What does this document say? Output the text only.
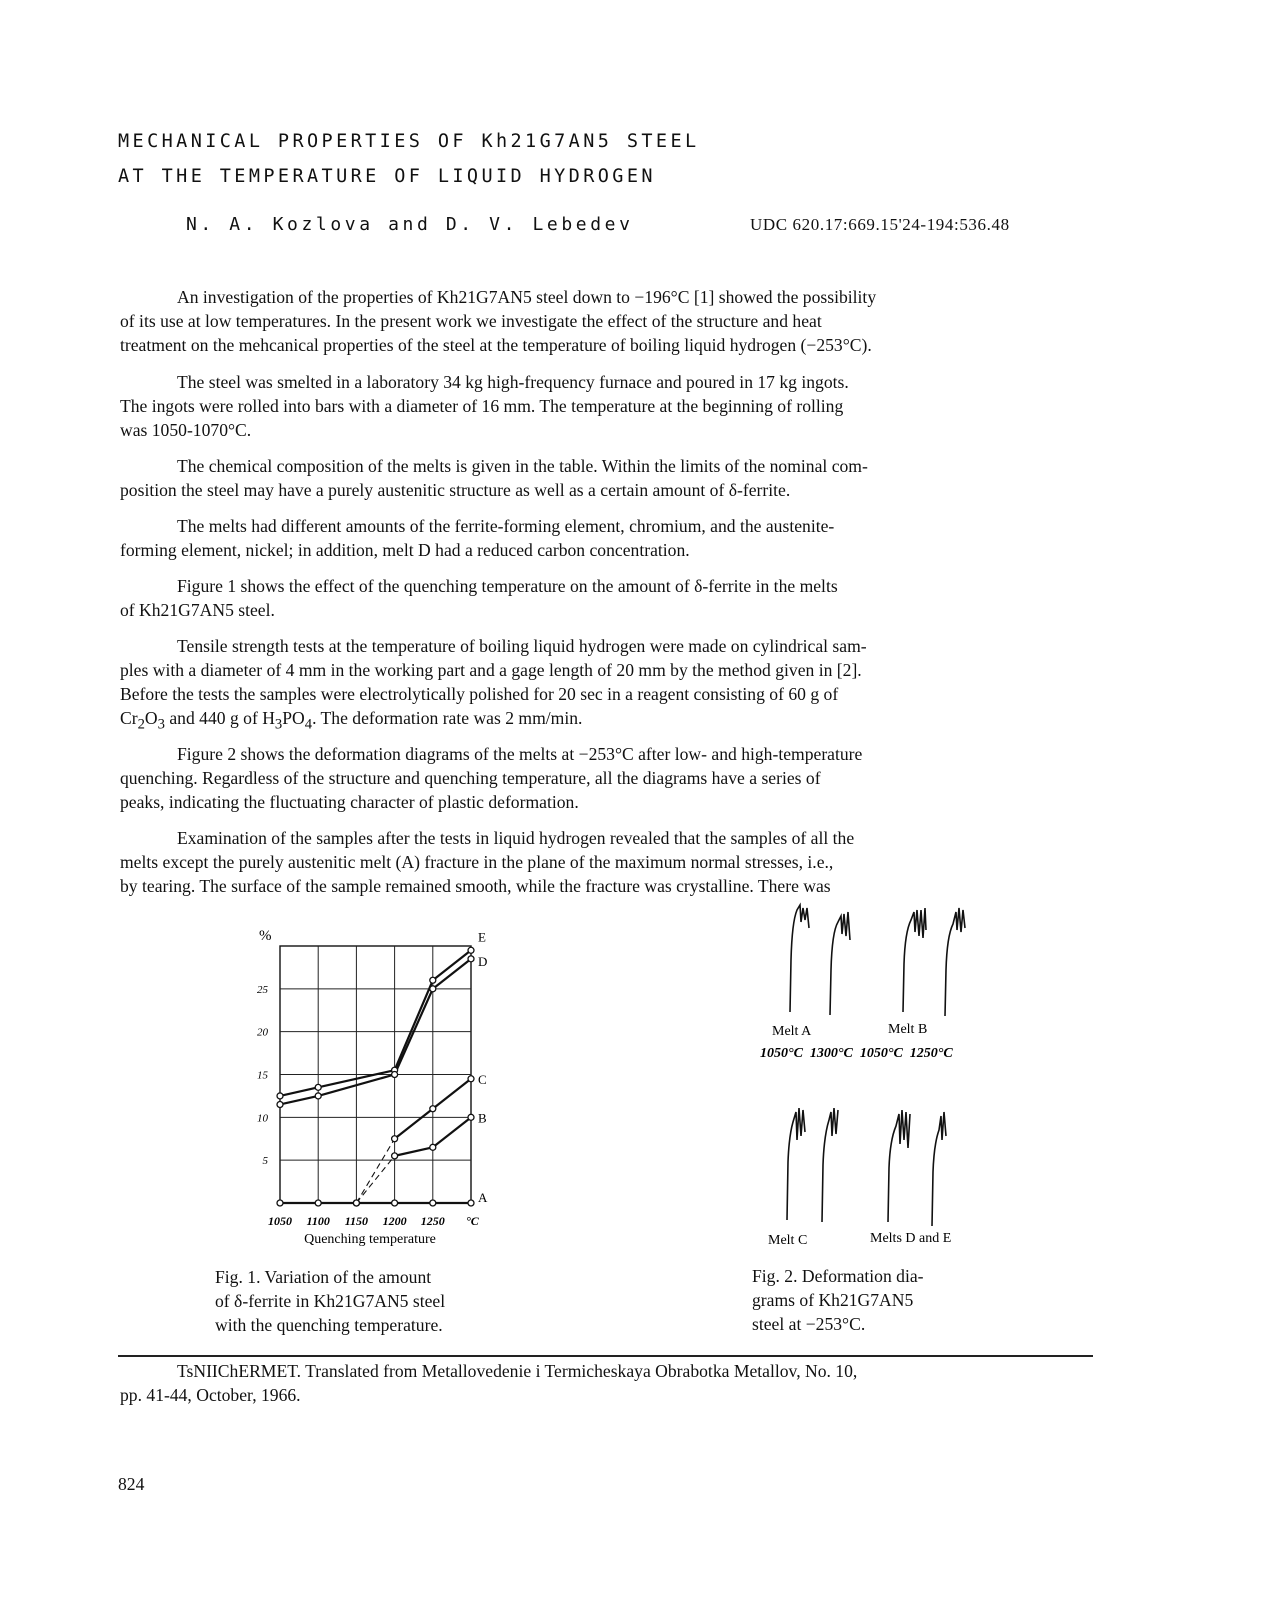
MECHANICAL PROPERTIES OF Kh21G7AN5 STEEL
AT THE TEMPERATURE OF LIQUID HYDROGEN
N. A. Kozlova and D. V. Lebedev	UDC 620.17:669.15'24-194:536.48
An investigation of the properties of Kh21G7AN5 steel down to −196°C [1] showed the possibility
of its use at low temperatures. In the present work we investigate the effect of the structure and heat
treatment on the mehcanical properties of the steel at the temperature of boiling liquid hydrogen (−253°C).
The steel was smelted in a laboratory 34 kg high-frequency furnace and poured in 17 kg ingots.
The ingots were rolled into bars with a diameter of 16 mm. The temperature at the beginning of rolling
was 1050-1070°C.
The chemical composition of the melts is given in the table. Within the limits of the nominal com-
position the steel may have a purely austenitic structure as well as a certain amount of δ-ferrite.
The melts had different amounts of the ferrite-forming element, chromium, and the austenite-
forming element, nickel; in addition, melt D had a reduced carbon concentration.
Figure 1 shows the effect of the quenching temperature on the amount of δ-ferrite in the melts
of Kh21G7AN5 steel.
Tensile strength tests at the temperature of boiling liquid hydrogen were made on cylindrical sam-
ples with a diameter of 4 mm in the working part and a gage length of 20 mm by the method given in [2].
Before the tests the samples were electrolytically polished for 20 sec in a reagent consisting of 60 g of
$Cr_2O_3$ and 440 g of $H_3PO_4$. The deformation rate was 2 mm/min.
Figure 2 shows the deformation diagrams of the melts at −253°C after low- and high-temperature
quenching. Regardless of the structure and quenching temperature, all the diagrams have a series of
peaks, indicating the fluctuating character of plastic deformation.
Examination of the samples after the tests in liquid hydrogen revealed that the samples of all the
melts except the purely austenitic melt (A) fracture in the plane of the maximum normal stresses, i.e.,
by tearing. The surface of the sample remained smooth, while the fracture was crystalline. There was
1050 1100 1150 1200 1250
5
10
15
20
25
E
D
C
B
A
%
Quenching temperature
°C
Fig. 1. Variation of the amount
of δ-ferrite in Kh21G7AN5 steel
with the quenching temperature.
Melt A	Melt B
1050°C  1300°C  1050°C  1250°C
Melt C	Melts D and E
Fig. 2. Deformation dia-
grams of Kh21G7AN5
steel at −253°C.
TsNIIChERMET. Translated from Metallovedenie i Termicheskaya Obrabotka Metallov, No. 10,
pp. 41-44, October, 1966.
824
